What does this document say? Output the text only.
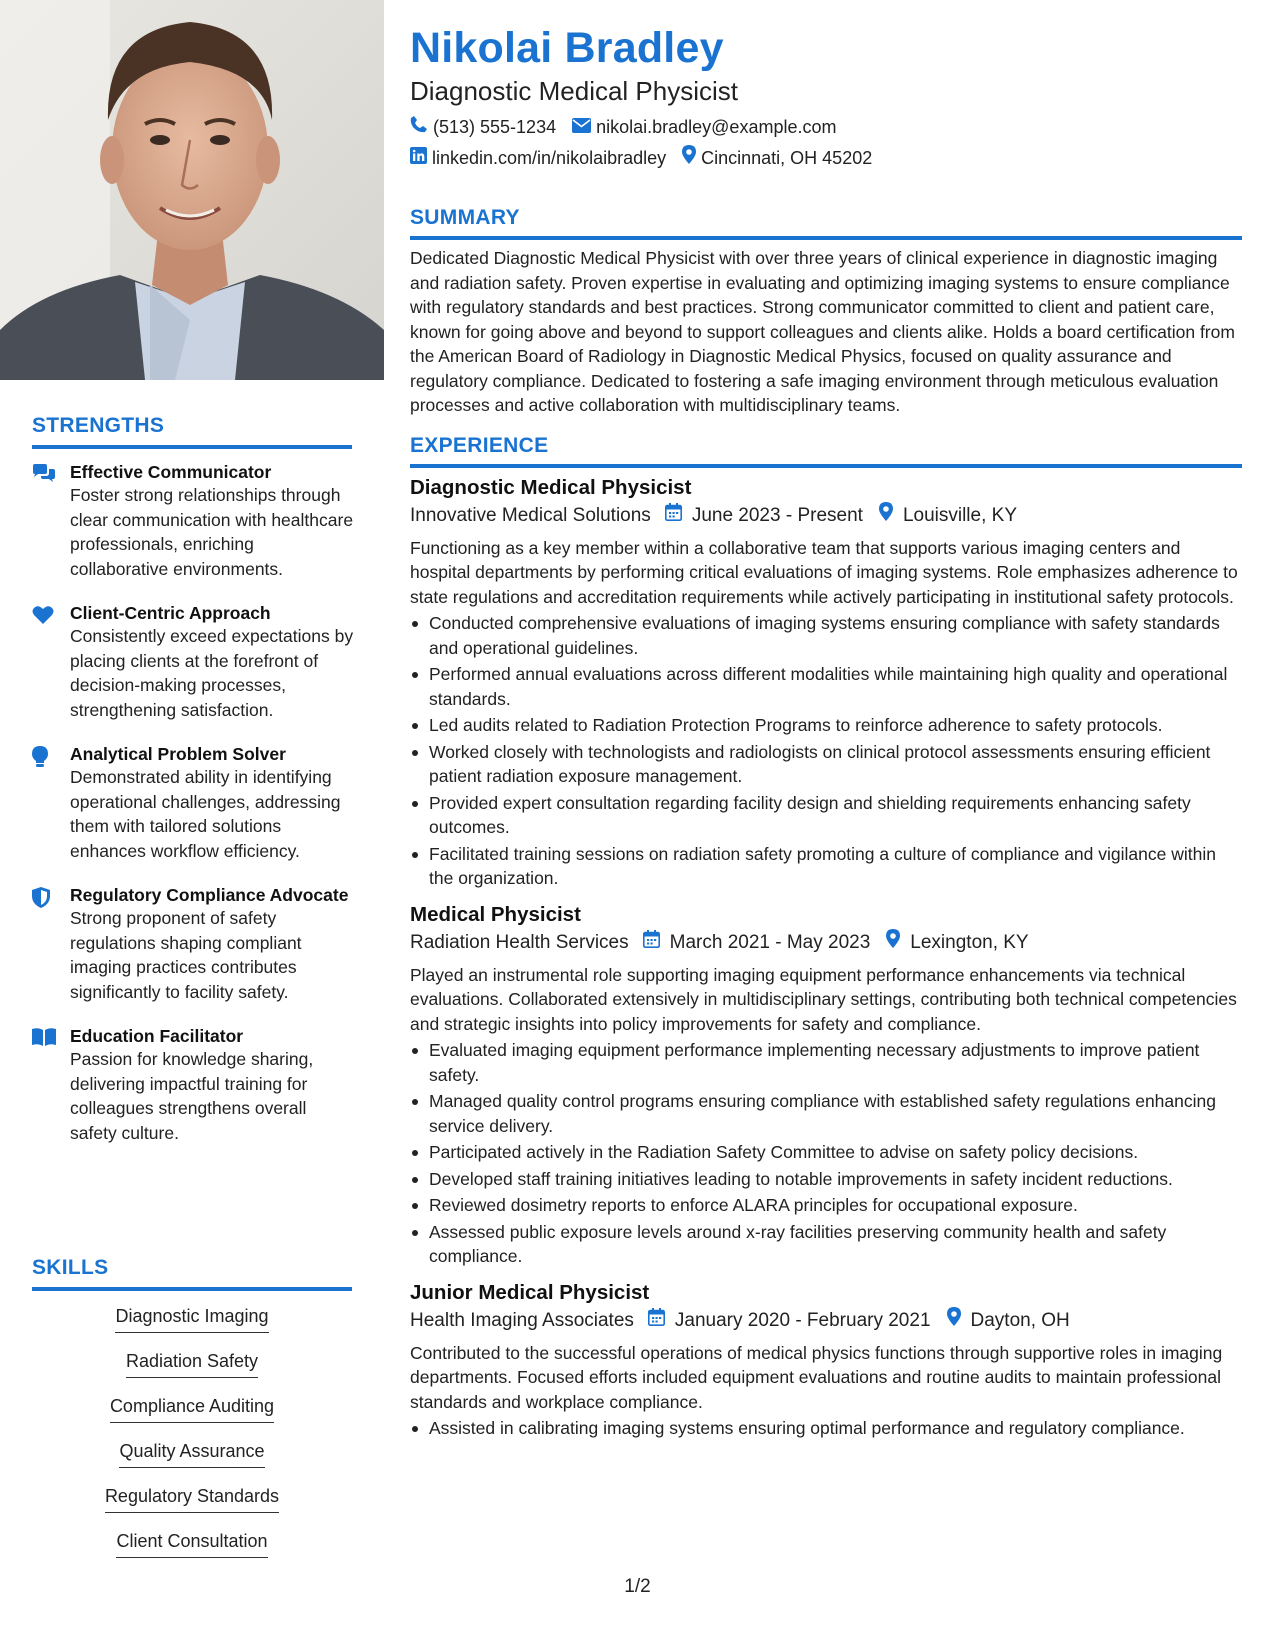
STRENGTHS
Effective Communicator
Foster strong relationships through clear communication with healthcare professionals, enriching collaborative environments.
Client-Centric Approach
Consistently exceed expectations by placing clients at the forefront of decision-making processes, strengthening satisfaction.
Analytical Problem Solver
Demonstrated ability in identifying operational challenges, addressing them with tailored solutions enhances workflow efficiency.
Regulatory Compliance Advocate
Strong proponent of safety regulations shaping compliant imaging practices contributes significantly to facility safety.
Education Facilitator
Passion for knowledge sharing, delivering impactful training for colleagues strengthens overall safety culture.
SKILLS
Diagnostic Imaging
Radiation Safety
Compliance Auditing
Quality Assurance
Regulatory Standards
Client Consultation
Nikolai Bradley
Diagnostic Medical Physicist
(513) 555-1234 nikolai.bradley@example.com
linkedin.com/in/nikolaibradley Cincinnati, OH 45202
SUMMARY
Dedicated Diagnostic Medical Physicist with over three years of clinical experience in diagnostic imaging and radiation safety. Proven expertise in evaluating and optimizing imaging systems to ensure compliance with regulatory standards and best practices. Strong communicator committed to client and patient care, known for going above and beyond to support colleagues and clients alike. Holds a board certification from the American Board of Radiology in Diagnostic Medical Physics, focused on quality assurance and regulatory compliance. Dedicated to fostering a safe imaging environment through meticulous evaluation processes and active collaboration with multidisciplinary teams.
EXPERIENCE
Diagnostic Medical Physicist
Innovative Medical Solutions June 2023 - Present Louisville, KY
Functioning as a key member within a collaborative team that supports various imaging centers and hospital departments by performing critical evaluations of imaging systems. Role emphasizes adherence to state regulations and accreditation requirements while actively participating in institutional safety protocols.
Conducted comprehensive evaluations of imaging systems ensuring compliance with safety standards and operational guidelines.
Performed annual evaluations across different modalities while maintaining high quality and operational standards.
Led audits related to Radiation Protection Programs to reinforce adherence to safety protocols.
Worked closely with technologists and radiologists on clinical protocol assessments ensuring efficient patient radiation exposure management.
Provided expert consultation regarding facility design and shielding requirements enhancing safety outcomes.
Facilitated training sessions on radiation safety promoting a culture of compliance and vigilance within the organization.
Medical Physicist
Radiation Health Services March 2021 - May 2023 Lexington, KY
Played an instrumental role supporting imaging equipment performance enhancements via technical evaluations. Collaborated extensively in multidisciplinary settings, contributing both technical competencies and strategic insights into policy improvements for safety and compliance.
Evaluated imaging equipment performance implementing necessary adjustments to improve patient safety.
Managed quality control programs ensuring compliance with established safety regulations enhancing service delivery.
Participated actively in the Radiation Safety Committee to advise on safety policy decisions.
Developed staff training initiatives leading to notable improvements in safety incident reductions.
Reviewed dosimetry reports to enforce ALARA principles for occupational exposure.
Assessed public exposure levels around x-ray facilities preserving community health and safety compliance.
Junior Medical Physicist
Health Imaging Associates January 2020 - February 2021 Dayton, OH
Contributed to the successful operations of medical physics functions through supportive roles in imaging departments. Focused efforts included equipment evaluations and routine audits to maintain professional standards and workplace compliance.
Assisted in calibrating imaging systems ensuring optimal performance and regulatory compliance.
1/2
